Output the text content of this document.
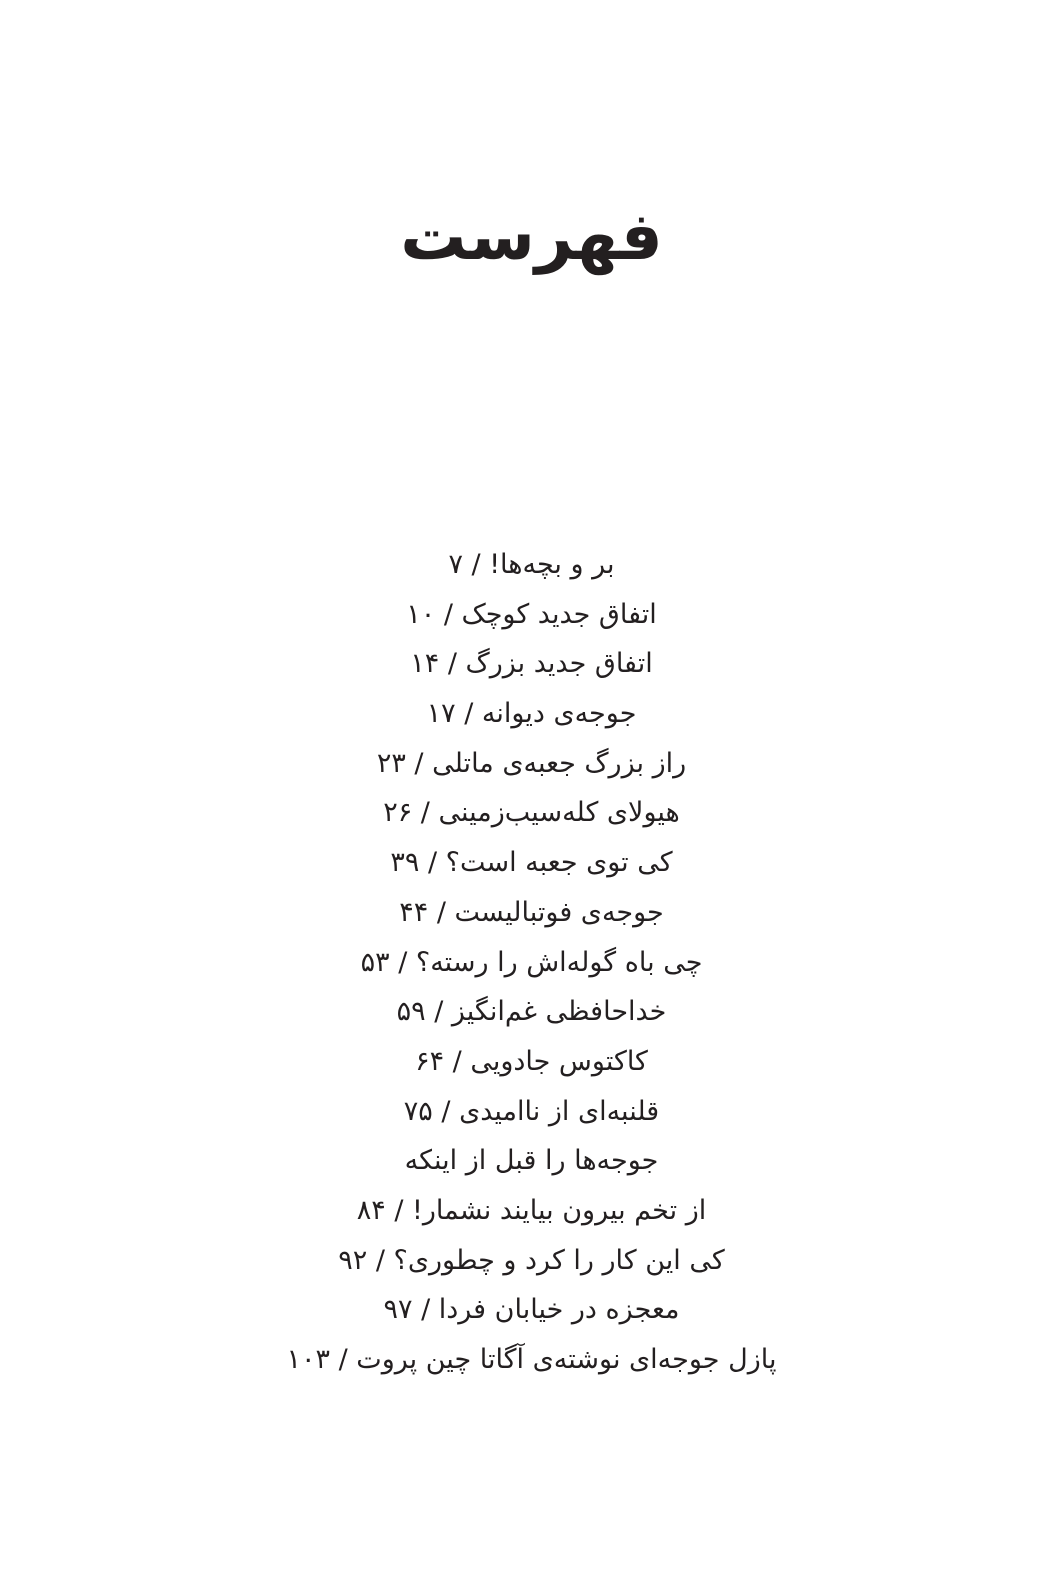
فهرست
بر و بچه‌ها! / ۷
اتفاق جدید کوچک / ۱۰
اتفاق جدید بزرگ / ۱۴
جوجه‌ی دیوانه / ۱۷
راز بزرگ جعبه‌ی ماتلی / ۲۳
هیولای کله‌سیب‌زمینی / ۲۶
کی توی جعبه است؟ / ۳۹
جوجه‌ی فوتبالیست / ۴۴
چی باه گوله‌اش را رسته؟ / ۵۳
خداحافظی غم‌انگیز / ۵۹
کاکتوس جادویی / ۶۴
قلنبه‌ای از ناامیدی / ۷۵
جوجه‌ها را قبل از اینکه
از تخم بیرون بیایند نشمار! / ۸۴
کی این کار را کرد و چطوری؟ / ۹۲
معجزه در خیابان فردا / ۹۷
پازل جوجه‌ای نوشته‌ی آگاتا چین پروت / ۱۰۳
